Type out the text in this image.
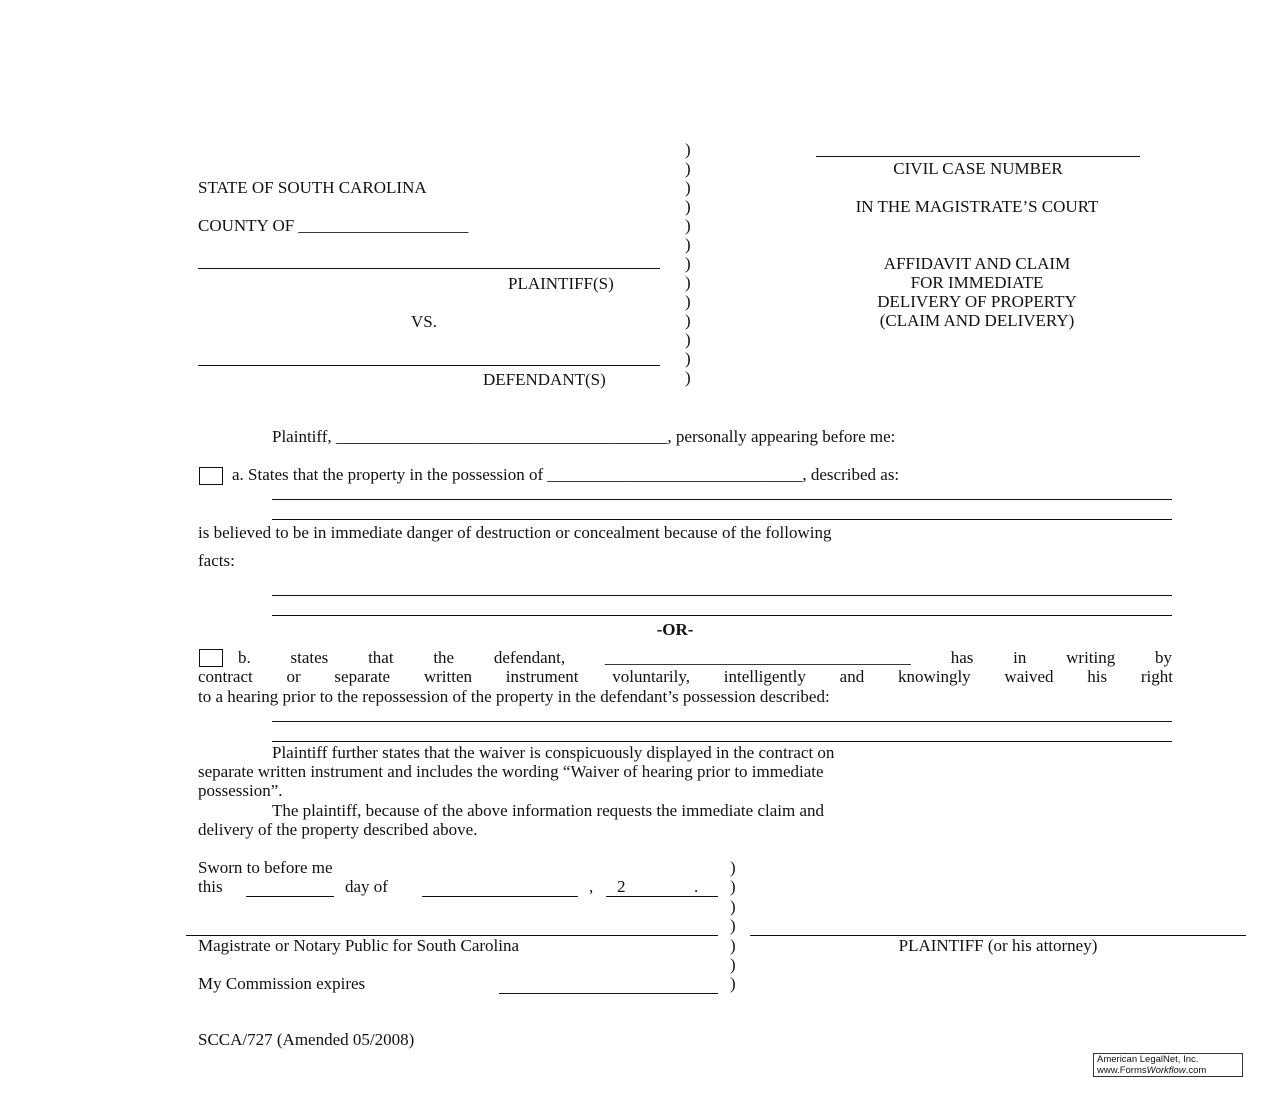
STATE OF SOUTH CAROLINA
COUNTY OF ____________________
PLAINTIFF(S)
VS.
DEFENDANT(S)
)
)
)
)
)
)
)
)
)
)
)
)
)
CIVIL CASE NUMBER
IN THE MAGISTRATE’S COURT
AFFIDAVIT AND CLAIM
FOR IMMEDIATE
DELIVERY OF PROPERTY
(CLAIM AND DELIVERY)
Plaintiff, _______________________________________, personally appearing before me:
a. States that the property in the possession of ______________________________, described as:
is believed to be in immediate danger of destruction or concealment because of the following
facts:
-OR-
b. states that the defendant, ____________________________________ has in writing by
contract or separate written instrument voluntarily, intelligently and knowingly waived his right
to a hearing prior to the repossession of the property in the defendant’s possession described:
Plaintiff further states that the waiver is conspicuously displayed in the contract on
separate written instrument and includes the wording “Waiver of hearing prior to immediate
possession”.
The plaintiff, because of the above information requests the immediate claim and
delivery of the property described above.
Sworn to before me
this	day of	, 2	.
Magistrate or Notary Public for South Carolina
My Commission expires
)
)
)
)
)
)
)
PLAINTIFF (or his attorney)
SCCA/727 (Amended 05/2008)
American LegalNet, Inc.
www.FormsWorkflow.com
